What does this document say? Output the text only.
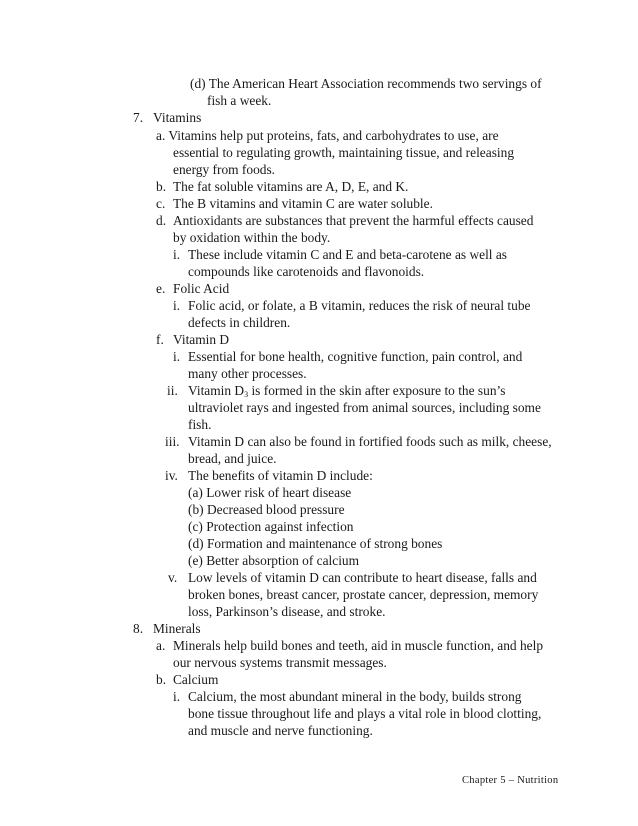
(d) The American Heart Association recommends two servings of
fish a week.
7. Vitamins
a. Vitamins help put proteins, fats, and carbohydrates to use, are
essential to regulating growth, maintaining tissue, and releasing
energy from foods.
b. The fat soluble vitamins are A, D, E, and K.
c. The B vitamins and vitamin C are water soluble.
d. Antioxidants are substances that prevent the harmful effects caused
by oxidation within the body.
i. These include vitamin C and E and beta-carotene as well as
compounds like carotenoids and flavonoids.
e. Folic Acid
i. Folic acid, or folate, a B vitamin, reduces the risk of neural tube
defects in children.
f. Vitamin D
i. Essential for bone health, cognitive function, pain control, and
many other processes.
ii. Vitamin $D_3$ is formed in the skin after exposure to the sun’s
ultraviolet rays and ingested from animal sources, including some
fish.
iii. Vitamin D can also be found in fortified foods such as milk, cheese,
bread, and juice.
iv. The benefits of vitamin D include:
(a) Lower risk of heart disease
(b) Decreased blood pressure
(c) Protection against infection
(d) Formation and maintenance of strong bones
(e) Better absorption of calcium
v. Low levels of vitamin D can contribute to heart disease, falls and
broken bones, breast cancer, prostate cancer, depression, memory
loss, Parkinson’s disease, and stroke.
8. Minerals
a. Minerals help build bones and teeth, aid in muscle function, and help
our nervous systems transmit messages.
b. Calcium
i. Calcium, the most abundant mineral in the body, builds strong
bone tissue throughout life and plays a vital role in blood clotting,
and muscle and nerve functioning.
Chapter 5 – Nutrition
